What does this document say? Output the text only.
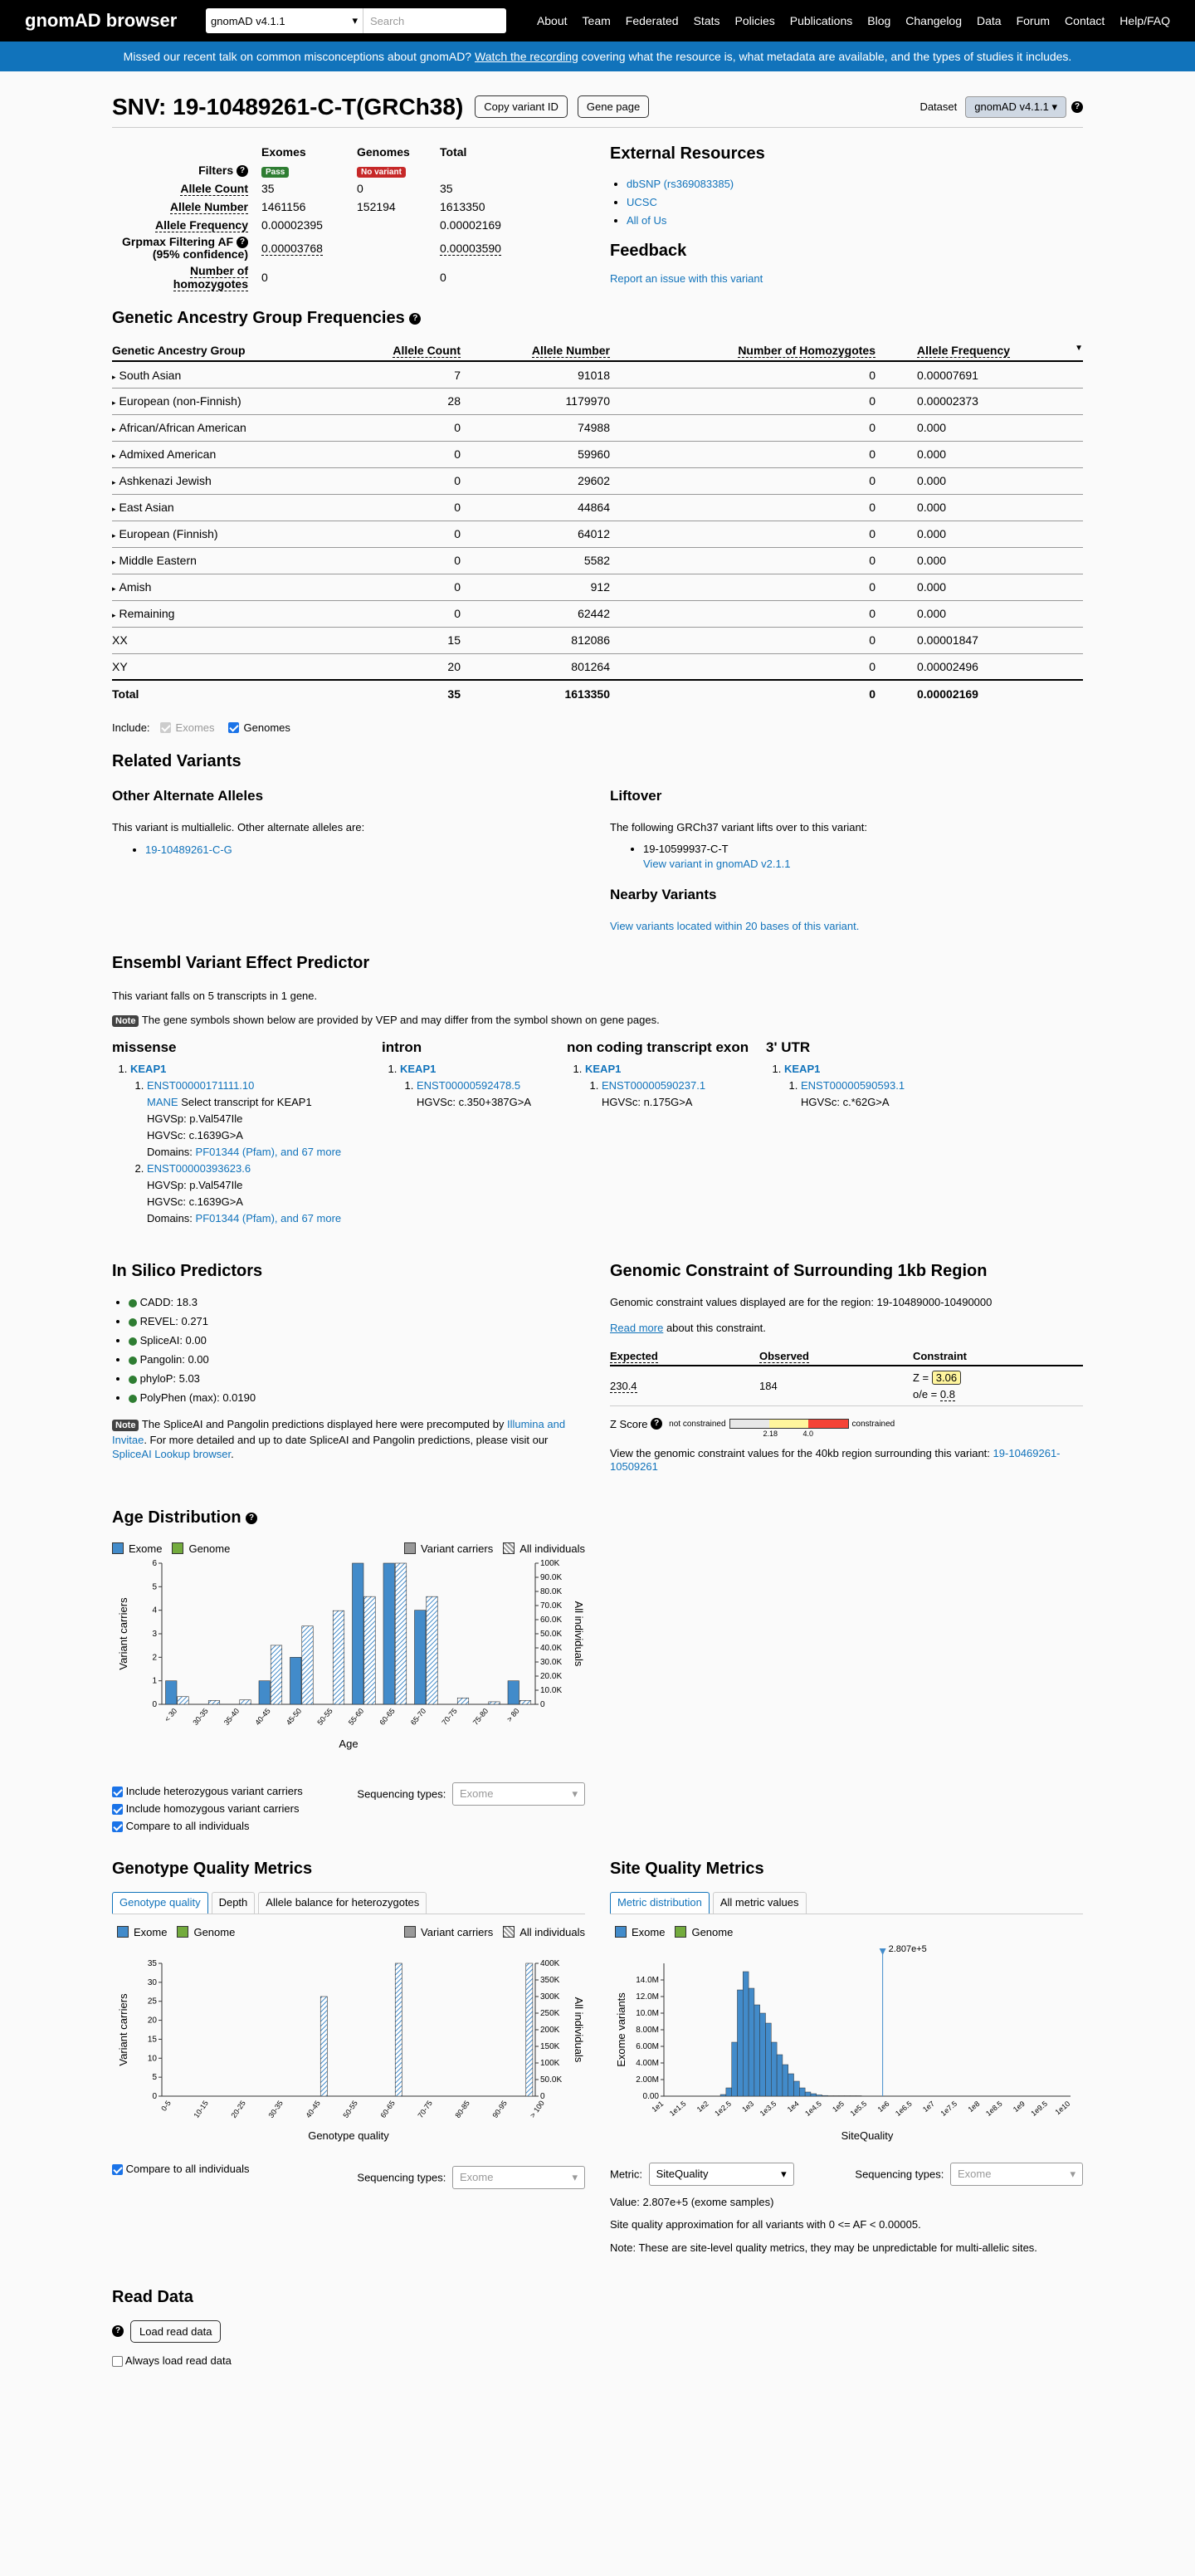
gnomAD browser	gnomAD v4.1.1	▾	Search	About Team Federated Stats Policies Publications Blog Changelog Data Forum Contact Help/FAQ
Missed our recent talk on common misconceptions about gnomAD? Watch the recording covering what the resource is, what metadata are available, and the types of studies it includes.
SNV: 19-10489261-C-T(GRCh38)	Copy variant ID	Gene page	Dataset	gnomAD v4.1.1 ▾	?
	Exomes	Genomes	Total
Filters ?	Pass	No variant	
Allele Count	35	0	35
Allele Number	1461156	152194	1613350
Allele Frequency	0.00002395		0.00002169
Grpmax Filtering AF ?
(95% confidence)	0.00003768		0.00003590
Number of homozygotes	0		0
External Resources
• dbSNP (rs369083385)
• UCSC
• All of Us
Feedback
Report an issue with this variant
Genetic Ancestry Group Frequencies ?
Genetic Ancestry Group	Allele Count	Allele Number	Number of Homozygotes	Allele Frequency ▼

▸ South Asian	7	91018	0	0.00007691
▸ European (non-Finnish)	28	1179970	0	0.00002373
▸ African/African American	0	74988	0	0.000
▸ Admixed American	0	59960	0	0.000
▸ Ashkenazi Jewish	0	29602	0	0.000
▸ East Asian	0	44864	0	0.000
▸ European (Finnish)	0	64012	0	0.000
▸ Middle Eastern	0	5582	0	0.000
▸ Amish	0	912	0	0.000
▸ Remaining	0	62442	0	0.000
XX	15	812086	0	0.00001847
XY	20	801264	0	0.00002496
Total	35	1613350	0	0.00002169
Include: Exomes	Genomes
Related Variants
Other Alternate Alleles

This variant is multiallelic. Other alternate alleles are:

• 19-10489261-C-G
Liftover

The following GRCh37 variant lifts over to this variant:

• 19-10599937-C-T
View variant in gnomAD v2.1.1
Nearby Variants

View variants located within 20 bases of this variant.

Ensembl Variant Effect Predictor

This variant falls on 5 transcripts in 1 gene.

Note The gene symbols shown below are provided by VEP and may differ from the symbol shown on gene pages.

missense
1. KEAP1
1. ENST00000171111.10
MANE Select transcript for KEAP1
HGVSp: p.Val547Ile
HGVSc: c.1639G>A
Domains: PF01344 (Pfam), and 67 more
2. ENST00000393623.6
HGVSp: p.Val547Ile
HGVSc: c.1639G>A
Domains: PF01344 (Pfam), and 67 more
intron
1. KEAP1
1. ENST00000592478.5
HGVSc: c.350+387G>A
non coding transcript exon
1. KEAP1
1. ENST00000590237.1
HGVSc: n.175G>A
3' UTR
1. KEAP1
1. ENST00000590593.1
HGVSc: c.*62G>A
In Silico Predictors
• CADD: 18.3
• REVEL: 0.271
• SpliceAI: 0.00
• Pangolin: 0.00
• phyloP: 5.03
• PolyPhen (max): 0.0190

Note The SpliceAI and Pangolin predictions displayed here were precomputed by Illumina and Invitae. For more detailed and up to date SpliceAI and Pangolin predictions, please visit our SpliceAI Lookup browser.

Genomic Constraint of Surrounding 1kb Region

Genomic constraint values displayed are for the region: 19-10489000-10490000

Read more about this constraint.

Expected	Observed	Constraint
230.4	184	Z = 3.06
o/e = 0.8
Z Score
?	not constrained
2.18	4.0
constrained

View the genomic constraint values for the 40kb region surrounding this variant: 19-10469261-10509261

Age Distribution ?
Exome Genome	Variant carriers All individuals
0
1
2
3
4
5
6
0
10.0K
20.0K
30.0K
40.0K
50.0K
60.0K
70.0K
80.0K
90.0K
100K
< 30 30-35 35-40 40-45 45-50 50-55 55-60 60-65 65-70 70-75 75-80 > 80
Age
Variant carriers	All individuals
Include heterozygous variant carriers
Include homozygous variant carriers
Compare to all individuals
Sequencing types: Exome	▾
Genotype Quality Metrics
Genotype quality	Depth	Allele balance for heterozygotes
Exome Genome	Variant carriers All individuals
0
5
10
15
20
25
30
35
0
50.0K
100K
150K
200K
250K
300K
350K
400K
0-5	10-15	20-25	30-35	40-45	50-55	60-65	70-75	80-85	90-95	> 100
Genotype quality
Variant carriers	All individuals
Compare to all individuals
Sequencing types: Exome	▾
Site Quality Metrics
Metric distribution	All metric values
Exome Genome
0.00
2.00M
4.00M
6.00M
8.00M
10.0M
12.0M
14.0M
1e1 1e1.5 1e2 1e2.5 1e3 1e3.5 1e4 1e4.5 1e5 1e5.5 1e6 1e6.5 1e7 1e7.5 1e8 1e8.5 1e9 1e9.5 1e10
2.807e+5
SiteQuality
Exome variants
Metric: SiteQuality	▾	Sequencing types: Exome	▾

Value: 2.807e+5 (exome samples)

Site quality approximation for all variants with 0 <= AF < 0.00005.

Note: These are site-level quality metrics, they may be unpredictable for multi-allelic sites.

Read Data
?	Load read data
Always load read data
